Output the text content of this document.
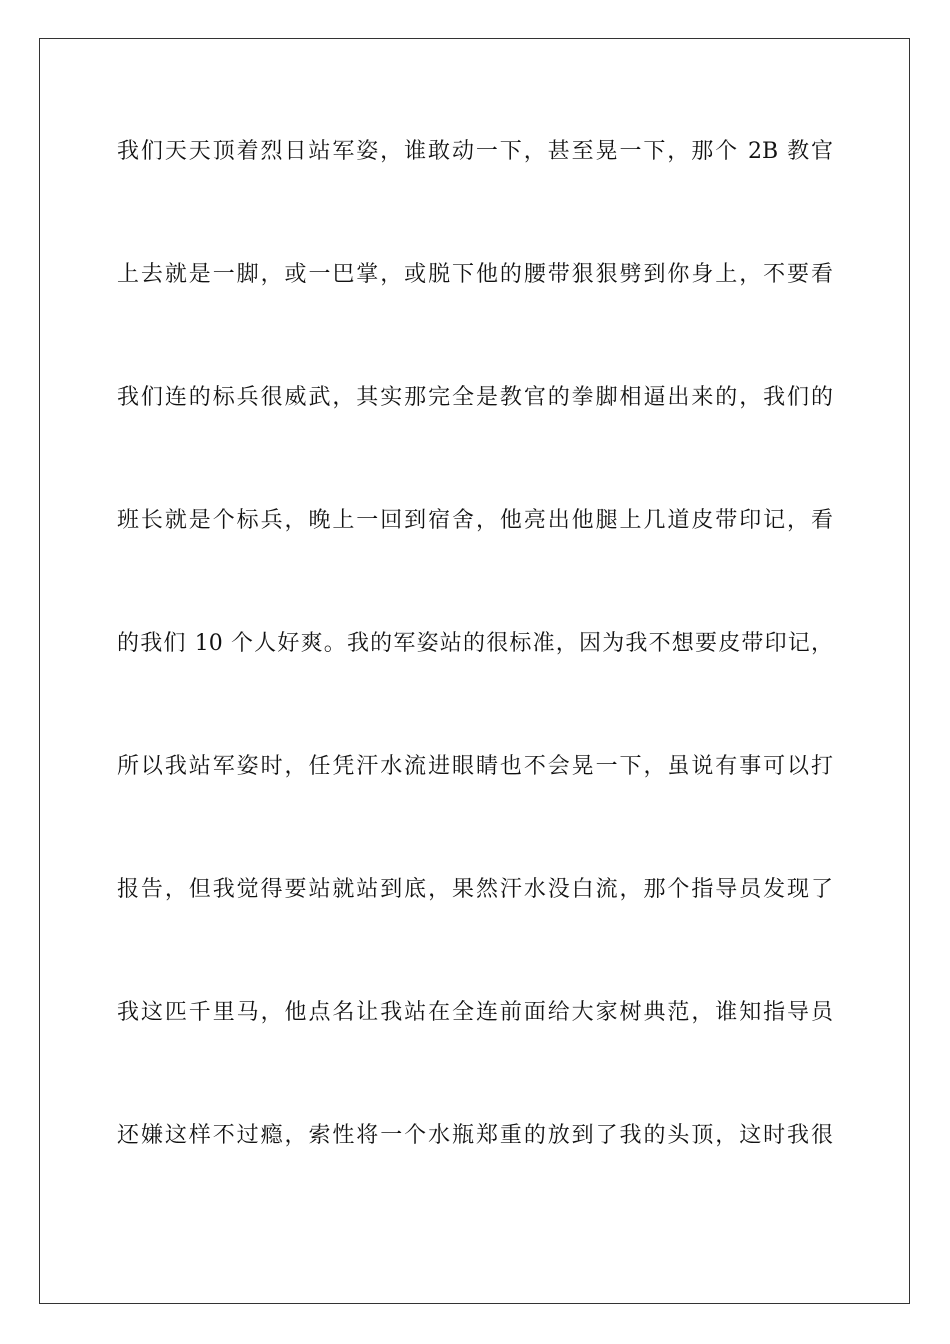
我们天天顶着烈日站军姿，谁敢动一下，甚至晃一下，那个 2B 教官
上去就是一脚，或一巴掌，或脱下他的腰带狠狠劈到你身上，不要看
我们连的标兵很威武，其实那完全是教官的拳脚相逼出来的，我们的
班长就是个标兵，晚上一回到宿舍，他亮出他腿上几道皮带印记，看
的我们 10 个人好爽。我的军姿站的很标准，因为我不想要皮带印记，
所以我站军姿时，任凭汗水流进眼睛也不会晃一下，虽说有事可以打
报告，但我觉得要站就站到底，果然汗水没白流，那个指导员发现了
我这匹千里马，他点名让我站在全连前面给大家树典范，谁知指导员
还嫌这样不过瘾，索性将一个水瓶郑重的放到了我的头顶，这时我很
